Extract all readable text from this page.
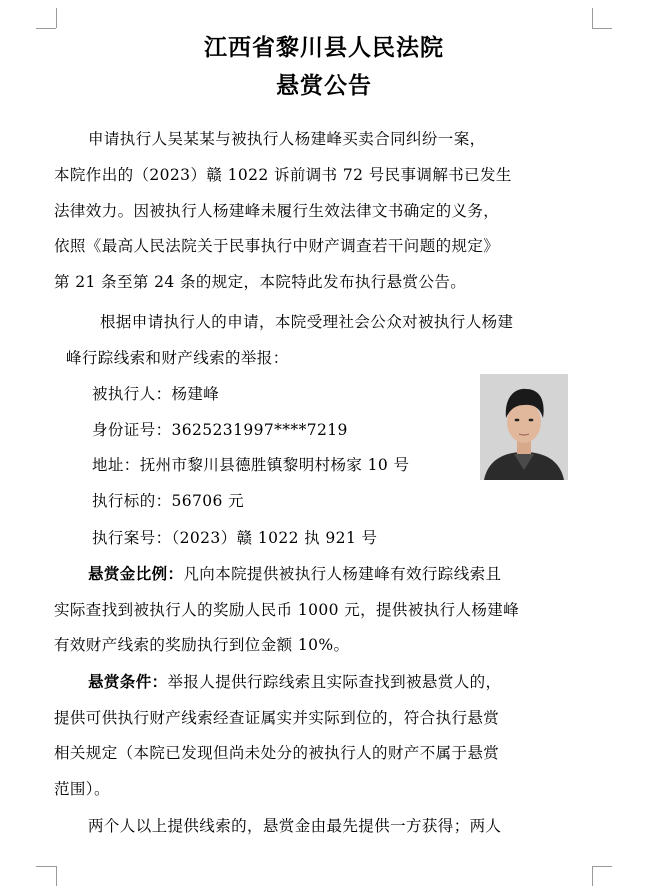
江西省黎川县人民法院
悬赏公告
申请执行人吴某某与被执行人杨建峰买卖合同纠纷一案，
本院作出的（2023）赣 1022 诉前调书 72 号民事调解书已发生
法律效力。因被执行人杨建峰未履行生效法律文书确定的义务，
依照《最高人民法院关于民事执行中财产调查若干问题的规定》
第 21 条至第 24 条的规定，本院特此发布执行悬赏公告。
根据申请执行人的申请，本院受理社会公众对被执行人杨建
峰行踪线索和财产线索的举报：
被执行人：杨建峰
身份证号：3625231997****7219
地址：抚州市黎川县德胜镇黎明村杨家 10 号
执行标的：56706 元
执行案号：（2023）赣 1022 执 921 号
悬赏金比例：凡向本院提供被执行人杨建峰有效行踪线索且
实际查找到被执行人的奖励人民币 1000 元，提供被执行人杨建峰
有效财产线索的奖励执行到位金额 10%。
悬赏条件：举报人提供行踪线索且实际查找到被悬赏人的，
提供可供执行财产线索经查证属实并实际到位的，符合执行悬赏
相关规定（本院已发现但尚未处分的被执行人的财产不属于悬赏
范围）。
两个人以上提供线索的，悬赏金由最先提供一方获得；两人
